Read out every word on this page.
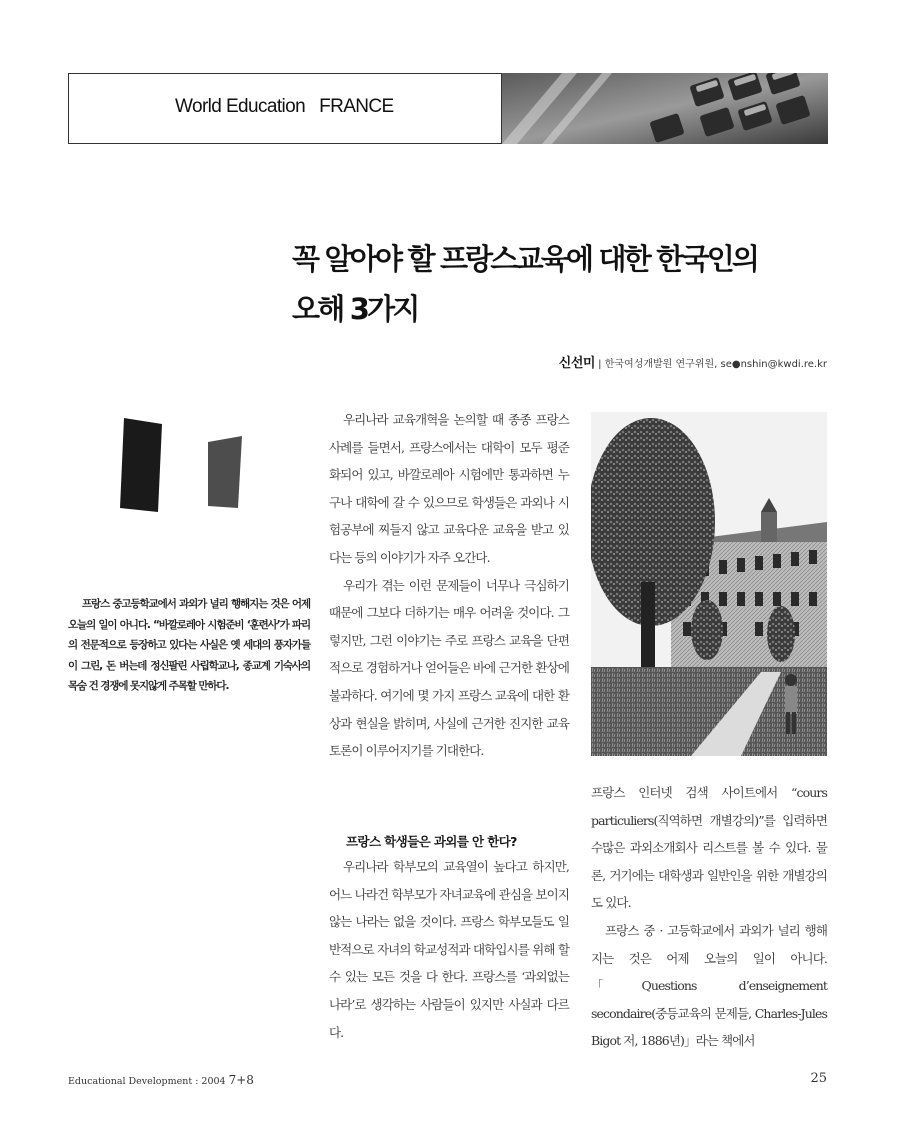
World Education   FRANCE
꼭 알아야 할 프랑스교육에 대한 한국인의
오해 3가지
신선미 | 한국여성개발원 연구위원, se●nshin@kwdi.re.kr
프랑스 중고등학교에서 과외가 널리 행해지는 것은 어제 오늘의 일이 아니다. “바깔로레아 시험준비 ‘훈련사’가 파리의 전문적으로 등장하고 있다는 사실은 옛 세대의 풍자가들이 그린, 돈 버는데 정신팔린 사립학교나, 종교계 기숙사의 목숨 건 경쟁에 못지않게 주목할 만하다.

우리나라 교육개혁을 논의할 때 종종 프랑스 사례를 들면서, 프랑스에서는 대학이 모두 평준화되어 있고, 바깔로레아 시험에만 통과하면 누구나 대학에 갈 수 있으므로 학생들은 과외나 시험공부에 찌들지 않고 교육다운 교육을 받고 있다는 등의 이야기가 자주 오간다.

우리가 겪는 이런 문제들이 너무나 극심하기 때문에 그보다 더하기는 매우 어려울 것이다. 그렇지만, 그런 이야기는 주로 프랑스 교육을 단편적으로 경험하거나 얻어들은 바에 근거한 환상에 불과하다. 여기에 몇 가지 프랑스 교육에 대한 환상과 현실을 밝히며, 사실에 근거한 진지한 교육토론이 이루어지기를 기대한다.

프랑스 학생들은 과외를 안 한다?

우리나라 학부모의 교육열이 높다고 하지만, 어느 나라건 학부모가 자녀교육에 관심을 보이지 않는 나라는 없을 것이다. 프랑스 학부모들도 일반적으로 자녀의 학교성적과 대학입시를 위해 할 수 있는 모든 것을 다 한다. 프랑스를 ‘과외없는 나라’로 생각하는 사람들이 있지만 사실과 다르다.

프랑스 인터넷 검색 사이트에서 “cours particuliers(직역하면 개별강의)”를 입력하면 수많은 과외소개회사 리스트를 볼 수 있다. 물론, 거기에는 대학생과 일반인을 위한 개별강의도 있다.

프랑스 중 · 고등학교에서 과외가 널리 행해지는 것은 어제 오늘의 일이 아니다. 「Questions d’enseignement secondaire(중등교육의 문제들, Charles-Jules Bigot 저, 1886년)」라는 책에서

Educational Development : 2004 7+8	25
